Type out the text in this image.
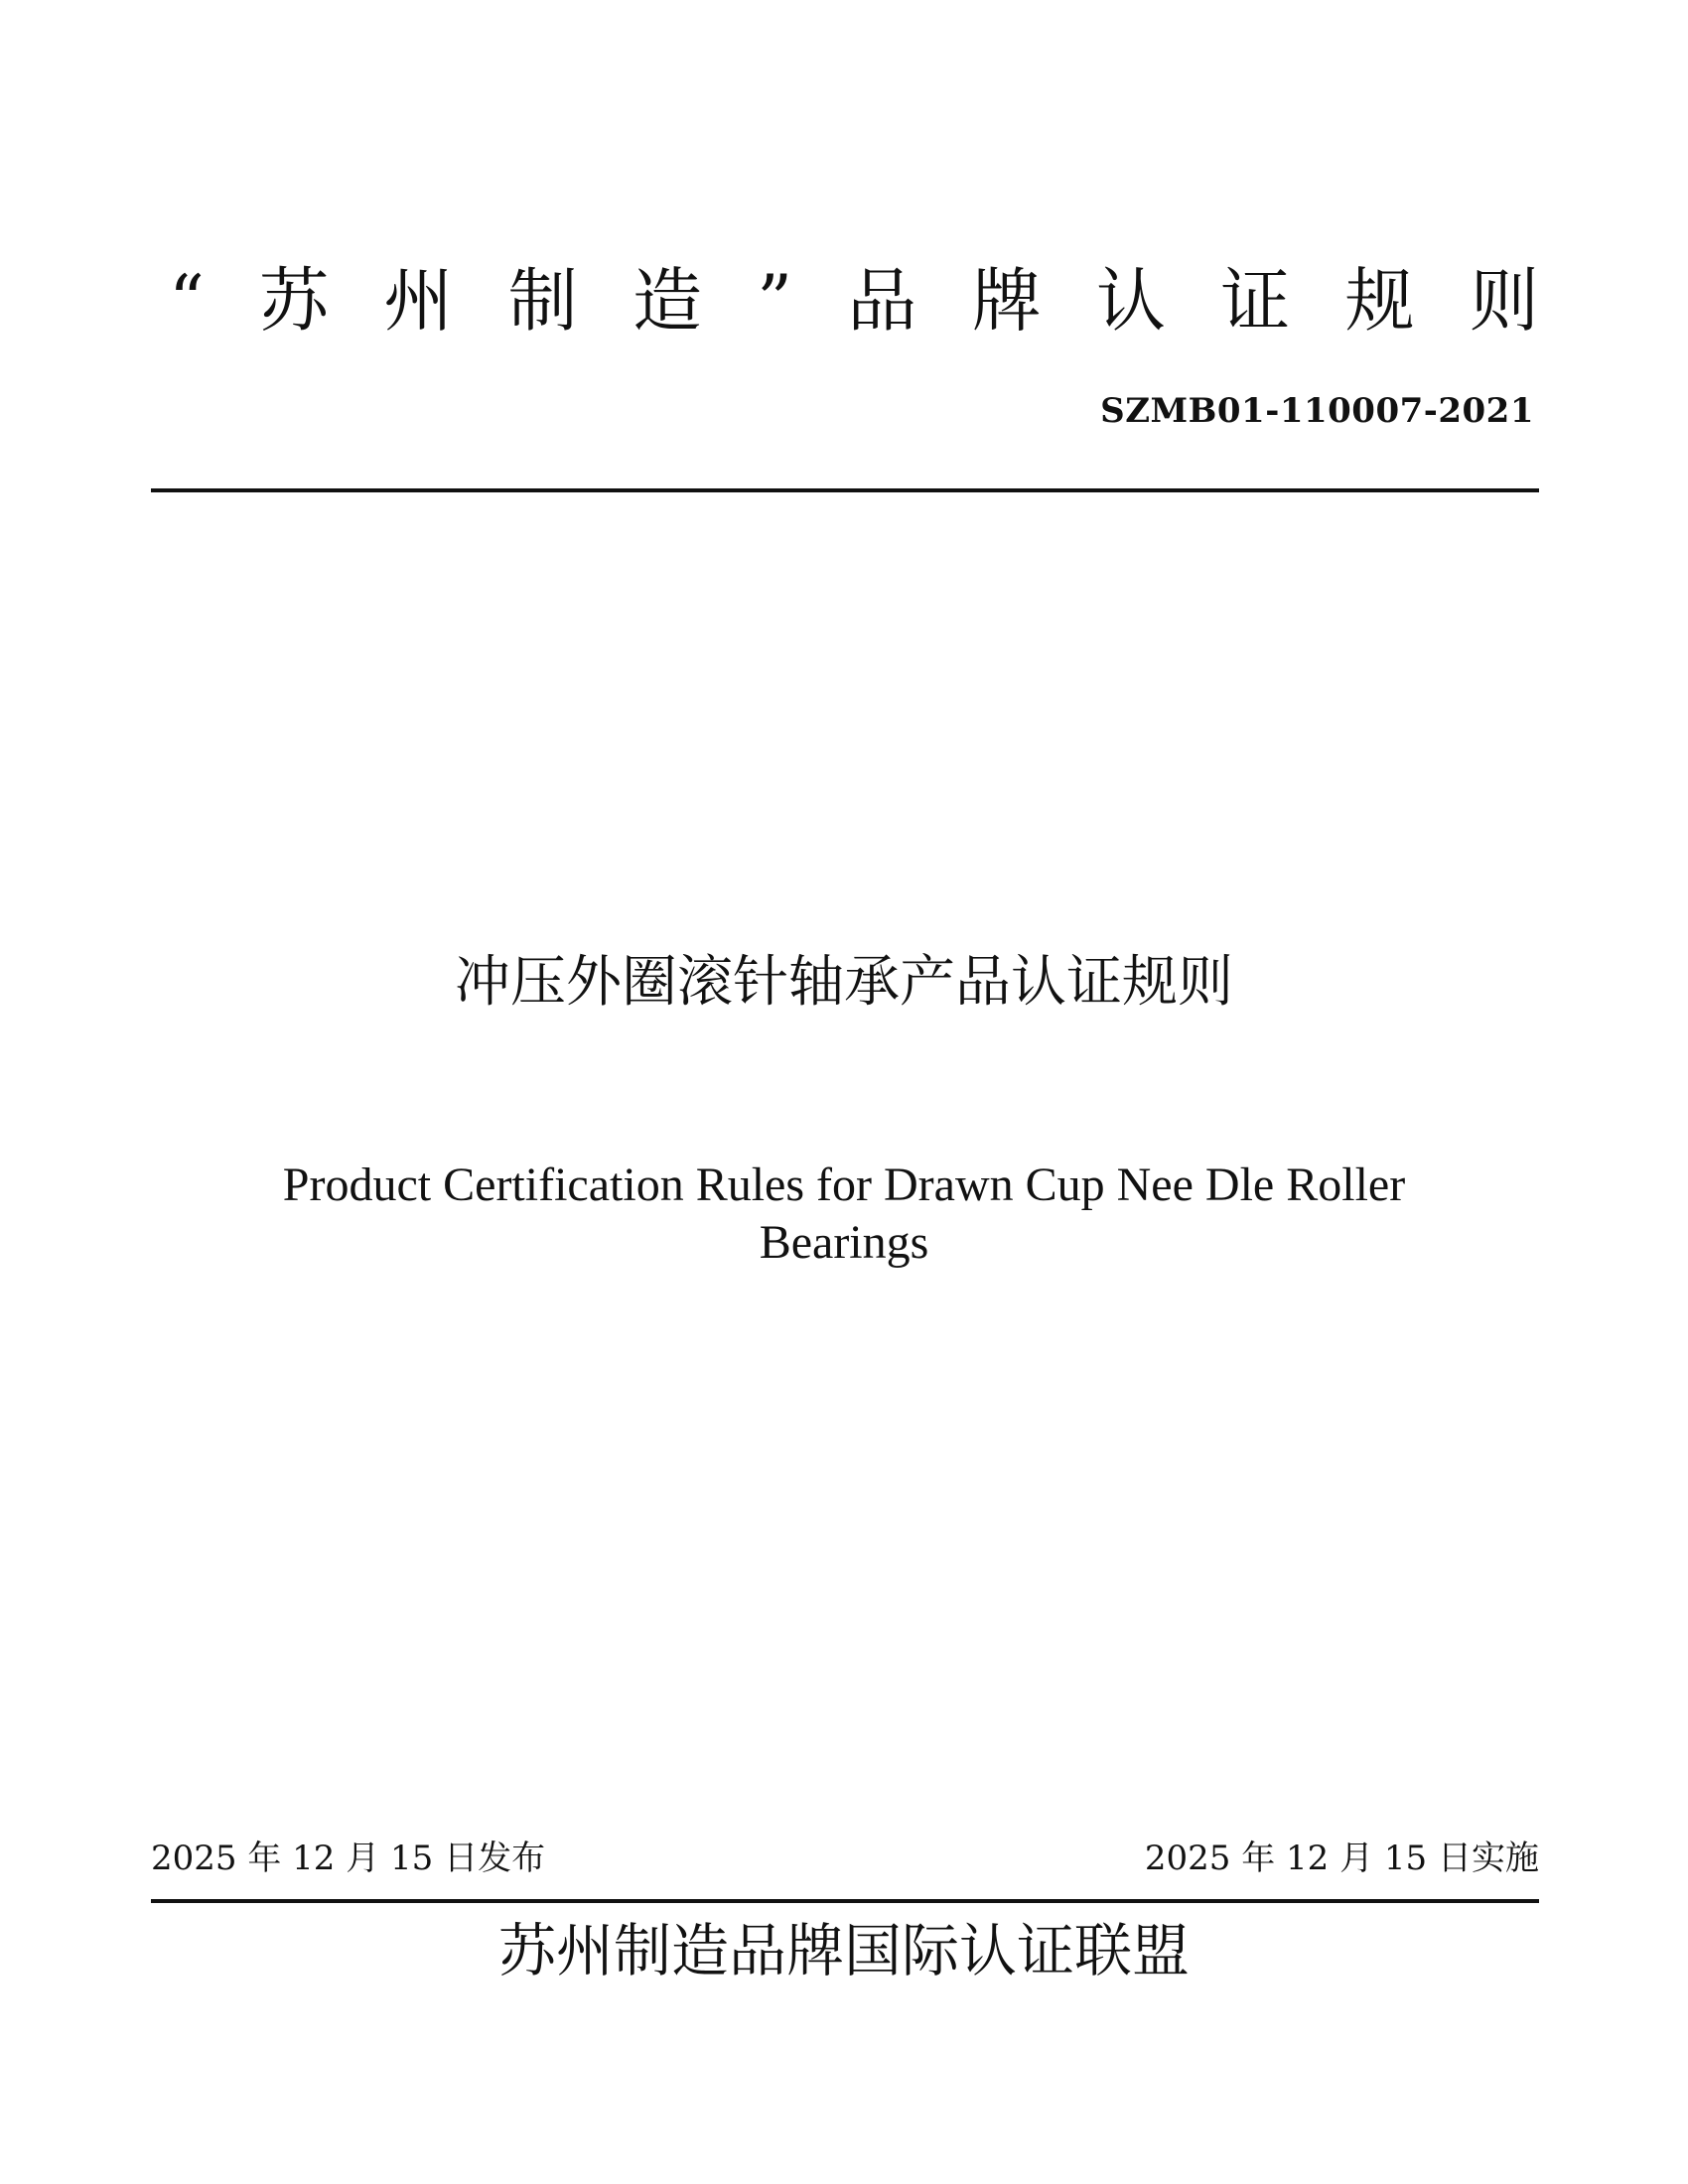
“ 苏 州 制 造 ” 品 牌 认 证 规 则
SZMB01-110007-2021
冲压外圈滚针轴承产品认证规则
Product Certification Rules for Drawn Cup Nee Dle Roller
Bearings
2025 年 12 月 15 日发布	2025 年 12 月 15 日实施
苏州制造品牌国际认证联盟
